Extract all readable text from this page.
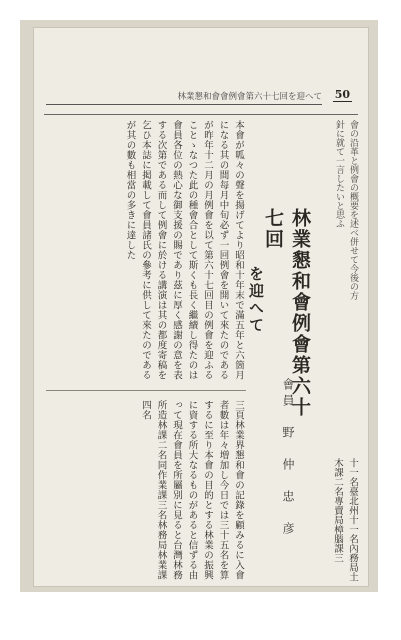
林業懇和會會例會第六十七回を迎へて 50
本會が呱々の聲を揚げてより昭和十年末で滿五年と六箇月になる其の間每月中旬必ず一回例會を開いて來たのであるが昨年十二月の月例會を以て第六十七回目の例會を迎ふることゝなつた此の種會合として斯くも長く繼續し得たのは會員各位の熱心な御支援の賜であり茲に厚く感謝の意を表する次第である而して例會に於ける講演は其の都度寄稿を乞ひ本誌に掲載して會員諸氏の參考に供して來たのであるが其の數も相當の多きに達した	會の沿革と例會の概要を述べ併せて今後の方針に就て一言したいと思ふ
林業懇和會例會第六十七回
を迎へて
會員　野　仲　忠　彦
三頁林業界懇和會の記錄を顧みるに入會者數は年々増加し今日では三十五名を算するに至り本會の目的とする林業の振興に資する所大なるものがあると信ずる由って現在會員を所屬別に見ると台灣林務所造林課二名同作業課三名林務局林業課四名
十一名臺北州十一名內務局土木課二名專賣局樟腦課三
